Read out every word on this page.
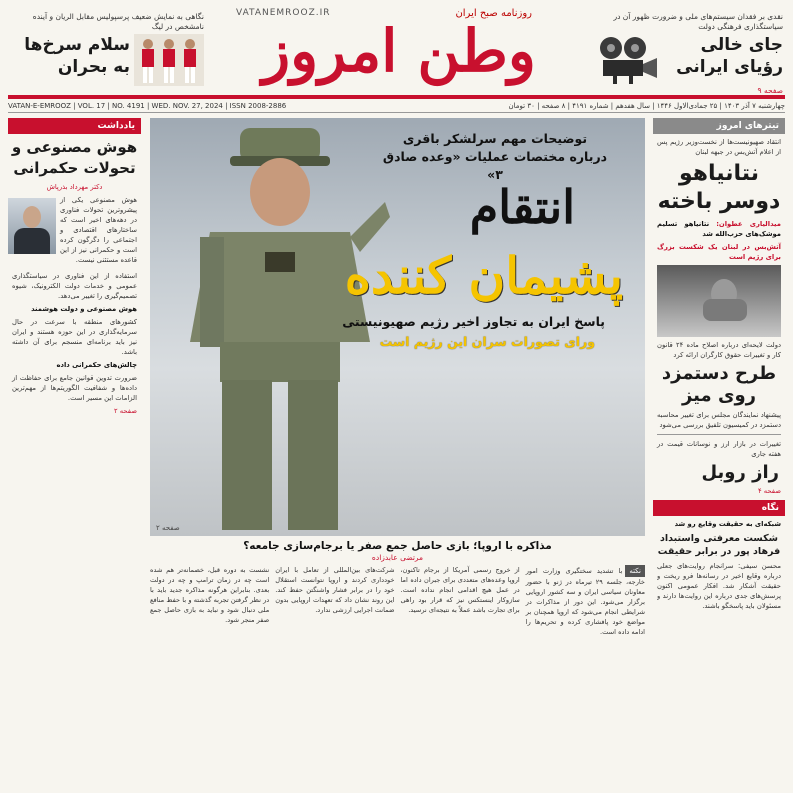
نگاهی به نمایش ضعیف پرسپولیس مقابل الریان و آینده نامشخص در لیگ
سلام سرخ‌ها
به بحران
VATANEMROOZ.IR	روزنامه صبح ایران
وطن امروز
نقدی بر فقدان سیستم‌های ملی و ضرورت ظهور آن در سیاستگذاری فرهنگی دولت
جای خالی
رؤیای ایرانی
صفحه ۹
چهارشنبه ۷ آذر ۱۴۰۳ | ۲۵ جمادی‌الاول ۱۴۴۶ | سال هفدهم | شماره ۴۱۹۱ | ۸ صفحه | ۳۰ تومان
VATAN-E-EMROOZ | VOL. 17 | NO. 4191 | WED. NOV. 27, 2024 | ISSN 2008-2886
تیترهای امروز
انتقاد صهیونیست‌ها از نخست‌وزیر رژیم پس از اعلام آتش‌بس در جبهه لبنان
نتانیاهو دوسر باخته
میدالیاری عطوان: نتانیاهو تسلیم موشک‌های حزب‌الله شد
آتش‌بس در لبنان یک شکست بزرگ برای رژیم است
دولت لایحه‌ای درباره اصلاح ماده ۲۴ قانون کار و تغییرات حقوق کارگران ارائه کرد
طرح دستمزد روی میز
پیشنهاد نمایندگان مجلس برای تغییر محاسبه دستمزد در کمیسیون تلفیق بررسی می‌شود
تغییرات در بازار ارز و نوسانات قیمت در هفته جاری
راز روبل
صفحه ۴
نگاه
شبکه‌ای به حقیقت وقایع رو شد
شکست معرفتی واستبداد فرهاد پور در برابر حقیقت
محسن سیفی: سرانجام روایت‌های جعلی درباره وقایع اخیر در رسانه‌ها فرو ریخت و حقیقت آشکار شد. افکار عمومی اکنون پرسش‌های جدی درباره این روایت‌ها دارند و مسئولان باید پاسخگو باشند.
توضیحات مهم سرلشکر باقری
درباره مختصات عملیات «وعده صادق ۳»
انتقام
پشیمان کننده
پاسخ ایران به تجاوز اخیر رژیم صهیونیستی
ورای تصورات سران این رژیم است
صفحه ۲
مذاکره با اروپا؛ بازی حاصل جمع صفر یا برجام‌سازی جامعه؟
مرتضی عابدزاده

نکتهبا تشدید سختگیری وزارت امور خارجه، جلسه ۲۹ تیرماه در ژنو با حضور معاونان سیاسی ایران و سه کشور اروپایی برگزار می‌شود. این دور از مذاکرات در شرایطی انجام می‌شود که اروپا همچنان بر مواضع خود پافشاری کرده و تحریم‌ها را ادامه داده است.

از خروج رسمی آمریکا از برجام تاکنون، اروپا وعده‌های متعددی برای جبران داده اما در عمل هیچ اقدامی انجام نداده است. سازوکار اینستکس نیز که قرار بود راهی برای تجارت باشد عملاً به نتیجه‌ای نرسید.

شرکت‌های بین‌المللی از تعامل با ایران خودداری کردند و اروپا نتوانست استقلال خود را در برابر فشار واشنگتن حفظ کند. این روند نشان داد که تعهدات اروپایی بدون ضمانت اجرایی ارزشی ندارد.

نشست به دوره قبل، خصمانه‌تر هم شده است چه در زمان ترامپ و چه در دولت بعدی. بنابراین هرگونه مذاکره جدید باید با در نظر گرفتن تجربه گذشته و با حفظ منافع ملی دنبال شود و نباید به بازی حاصل جمع صفر منجر شود.

یادداشت
هوش مصنوعی و تحولات حکمرانی
دکتر مهرداد بذرپاش
هوش مصنوعی یکی از پیشروترین تحولات فناوری در دهه‌های اخیر است که ساختارهای اقتصادی و اجتماعی را دگرگون کرده است و حکمرانی نیز از این قاعده مستثنی نیست.
استفاده از این فناوری در سیاستگذاری عمومی و خدمات دولت الکترونیک، شیوه تصمیم‌گیری را تغییر می‌دهد.
هوش مصنوعی و دولت هوشمند
کشورهای منطقه با سرعت در حال سرمایه‌گذاری در این حوزه هستند و ایران نیز باید برنامه‌ای منسجم برای آن داشته باشد.
چالش‌های حکمرانی داده
ضرورت تدوین قوانین جامع برای حفاظت از داده‌ها و شفافیت الگوریتم‌ها از مهم‌ترین الزامات این مسیر است.
صفحه ۲
